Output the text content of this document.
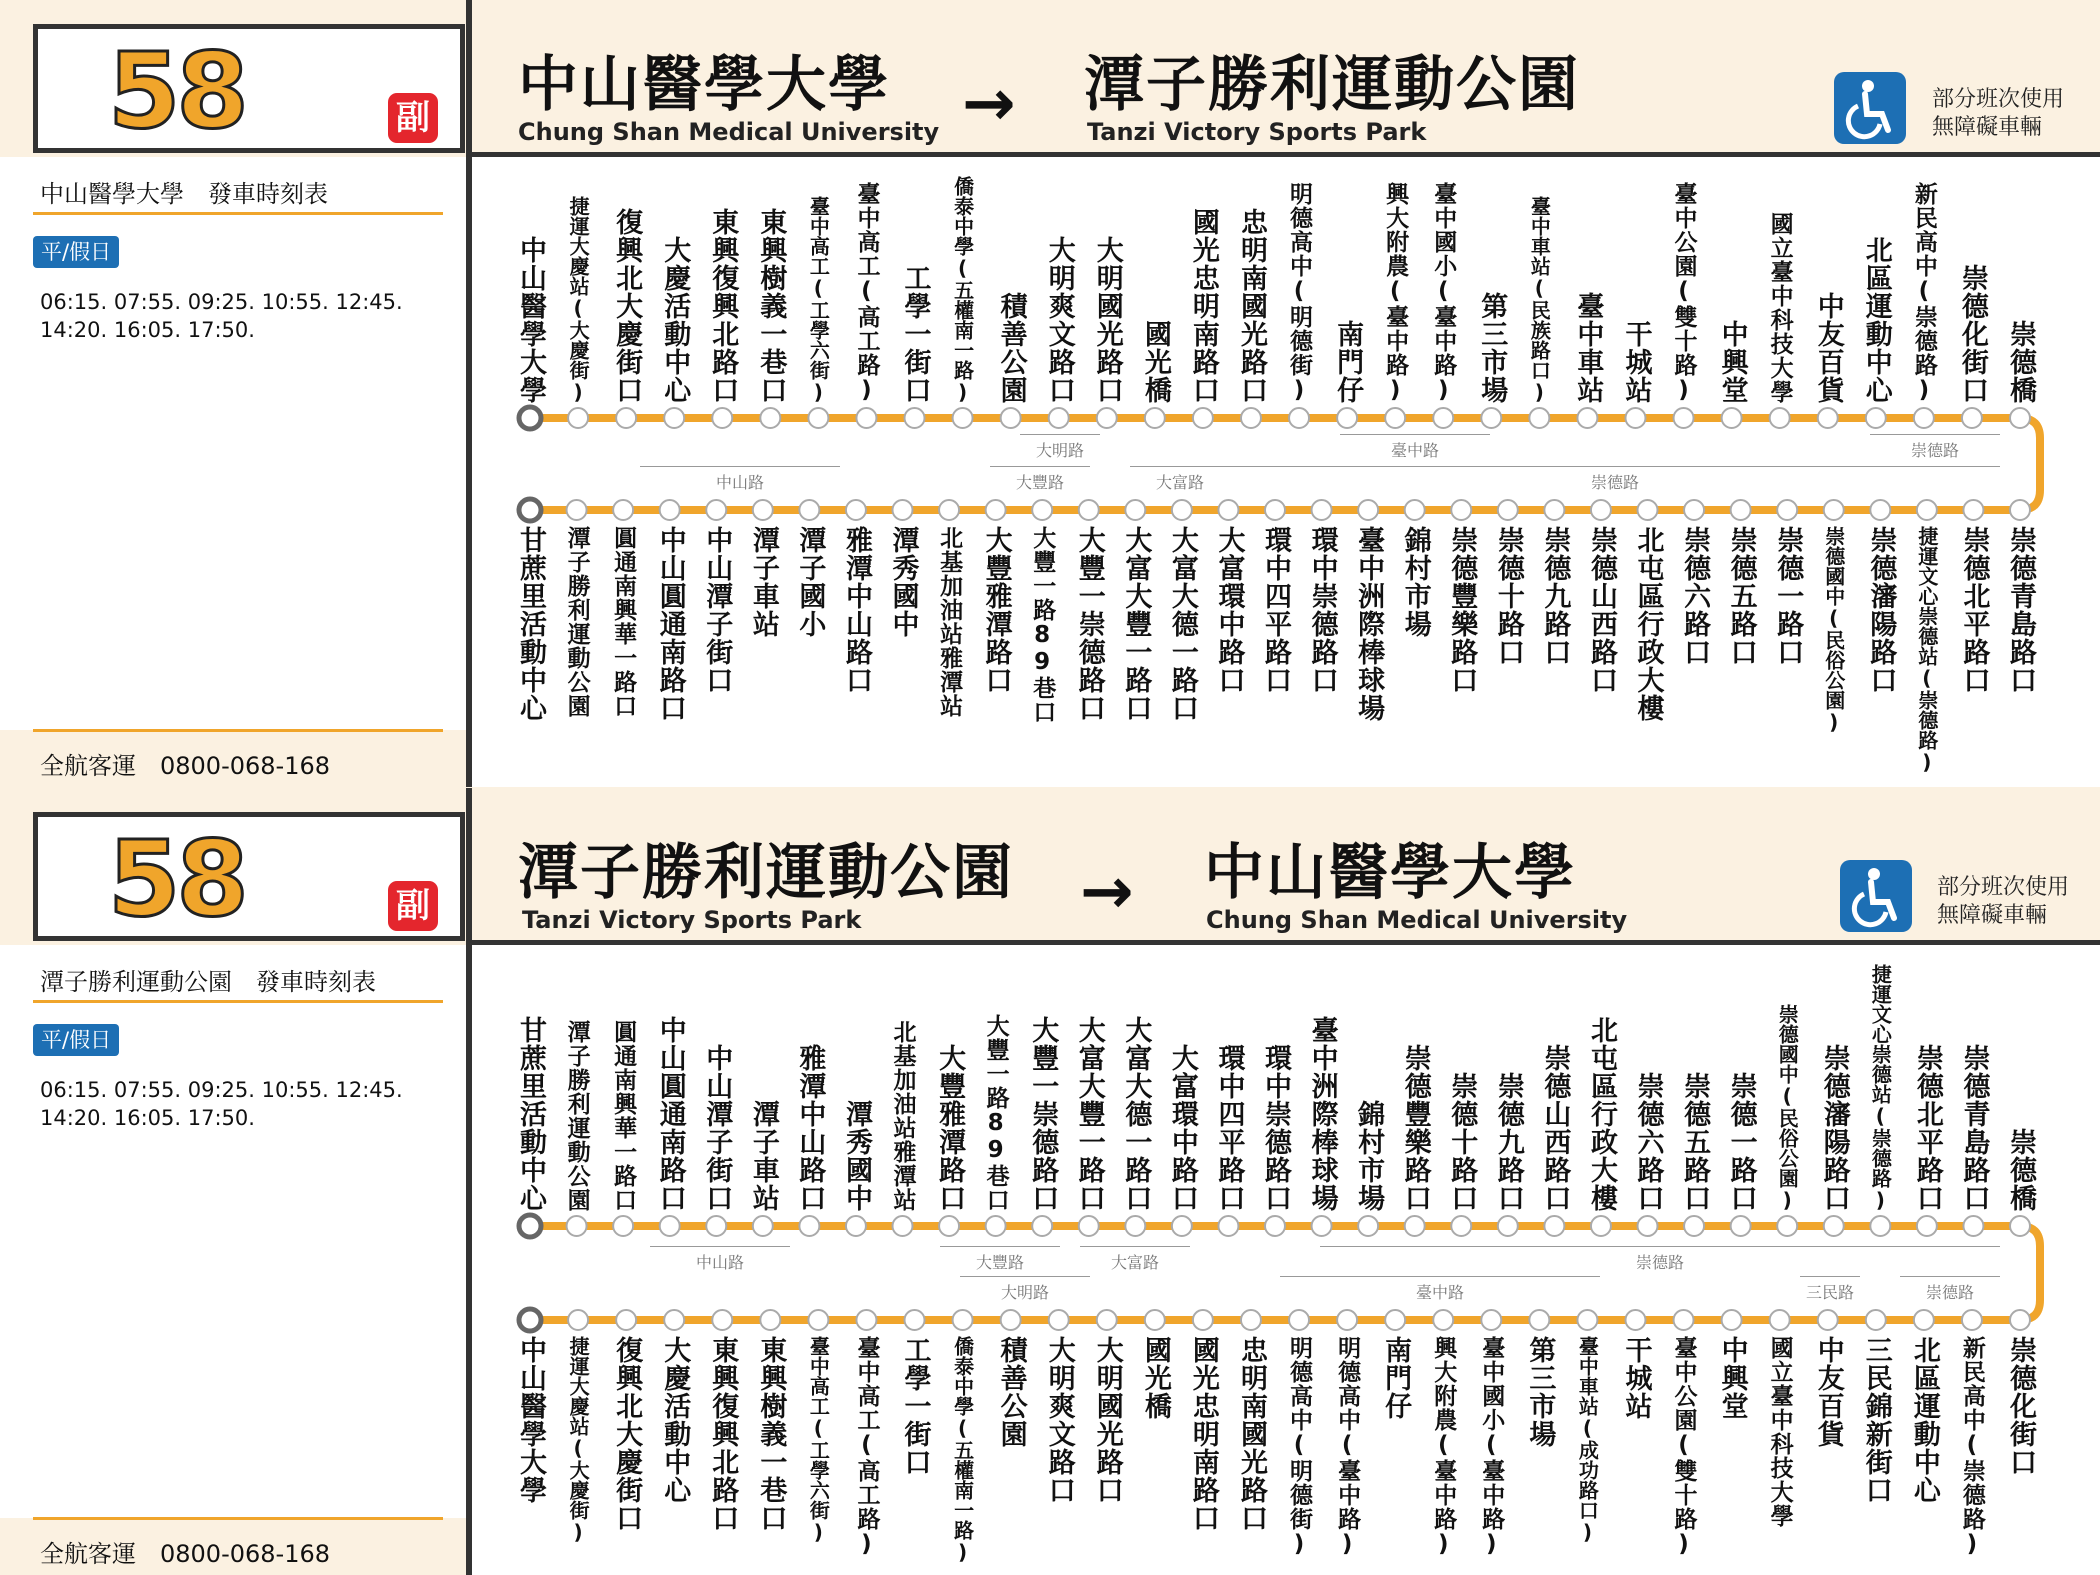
58	副 中山醫學大學
Chung Shan Medical University → 潭子勝利運動公園
Tanzi Victory Sports Park
部分班次使用
無障礙車輛
中山醫學大學　發車時刻表
平/假日
06:15. 07:55. 09:25. 10:55. 12:45.
14:20. 16:05. 17:50.
全航客運　0800-068-168
中山醫學大學 捷運大慶站(大慶街) 復興北大慶街口 大慶活動中心 東興復興北路口 東興樹義一巷口 臺中高工(工學六街) 臺中高工(高工路) 工學一街口 僑泰中學(五權南一路) 積善公園 大明爽文路口 大明國光路口 國光橋 國光忠明南路口 忠明南國光路口 明德高中(明德街) 南門仔 興大附農(臺中路) 臺中國小(臺中路) 第三市場 臺中車站(民族路口) 臺中車站 干城站 臺中公園(雙十路) 中興堂 國立臺中科技大學 中友百貨 北區運動中心 新民高中(崇德路) 崇德化街口 崇德橋
甘蔗里活動中心 潭子勝利運動公園 圓通南興華一路口 中山圓通南路口 中山潭子街口 潭子車站 潭子國小 雅潭中山路口 潭秀國中 北基加油站雅潭站 大豐雅潭路口 大豐一路89巷口 大豐一崇德路口 大富大豐一路口 大富大德一路口 大富環中路口 環中四平路口 環中崇德路口 臺中洲際棒球場 錦村市場 崇德豐樂路口 崇德十路口 崇德九路口 崇德山西路口 北屯區行政大樓 崇德六路口 崇德五路口 崇德一路口 崇德國中(民俗公園) 崇德瀋陽路口 捷運文心崇德站(崇德路) 崇德北平路口 崇德青島路口
大明路	臺中路	崇德路
中山路	大豐路	大富路	崇德路
58	副 潭子勝利運動公園
Tanzi Victory Sports Park	→ 中山醫學大學
Chung Shan Medical University
部分班次使用
無障礙車輛
潭子勝利運動公園　發車時刻表
平/假日
06:15. 07:55. 09:25. 10:55. 12:45.
14:20. 16:05. 17:50.
全航客運　0800-068-168
甘蔗里活動中心 潭子勝利運動公園 圓通南興華一路口 中山圓通南路口 中山潭子街口 潭子車站 雅潭中山路口 潭秀國中 北基加油站雅潭站 大豐雅潭路口 大豐一路89巷口 大豐一崇德路口 大富大豐一路口 大富大德一路口 大富環中路口 環中四平路口 環中崇德路口 臺中洲際棒球場 錦村市場 崇德豐樂路口 崇德十路口 崇德九路口 崇德山西路口 北屯區行政大樓 崇德六路口 崇德五路口 崇德一路口 崇德國中(民俗公園) 崇德瀋陽路口 捷運文心崇德站(崇德路) 崇德北平路口 崇德青島路口 崇德橋
中山醫學大學 捷運大慶站(大慶街) 復興北大慶街口 大慶活動中心 東興復興北路口 東興樹義一巷口 臺中高工(工學六街) 臺中高工(高工路) 工學一街口 僑泰中學(五權南一路) 積善公園 大明爽文路口 大明國光路口 國光橋 國光忠明南路口 忠明南國光路口 明德高中(明德街) 明德高中(臺中路) 南門仔 興大附農(臺中路) 臺中國小(臺中路) 第三市場 臺中車站(成功路口) 干城站 臺中公園(雙十路) 中興堂 國立臺中科技大學 中友百貨 三民錦新街口 北區運動中心 新民高中(崇德路) 崇德化街口
中山路	大豐路	大富路	崇德路
大明路	臺中路	三民路	崇德路
